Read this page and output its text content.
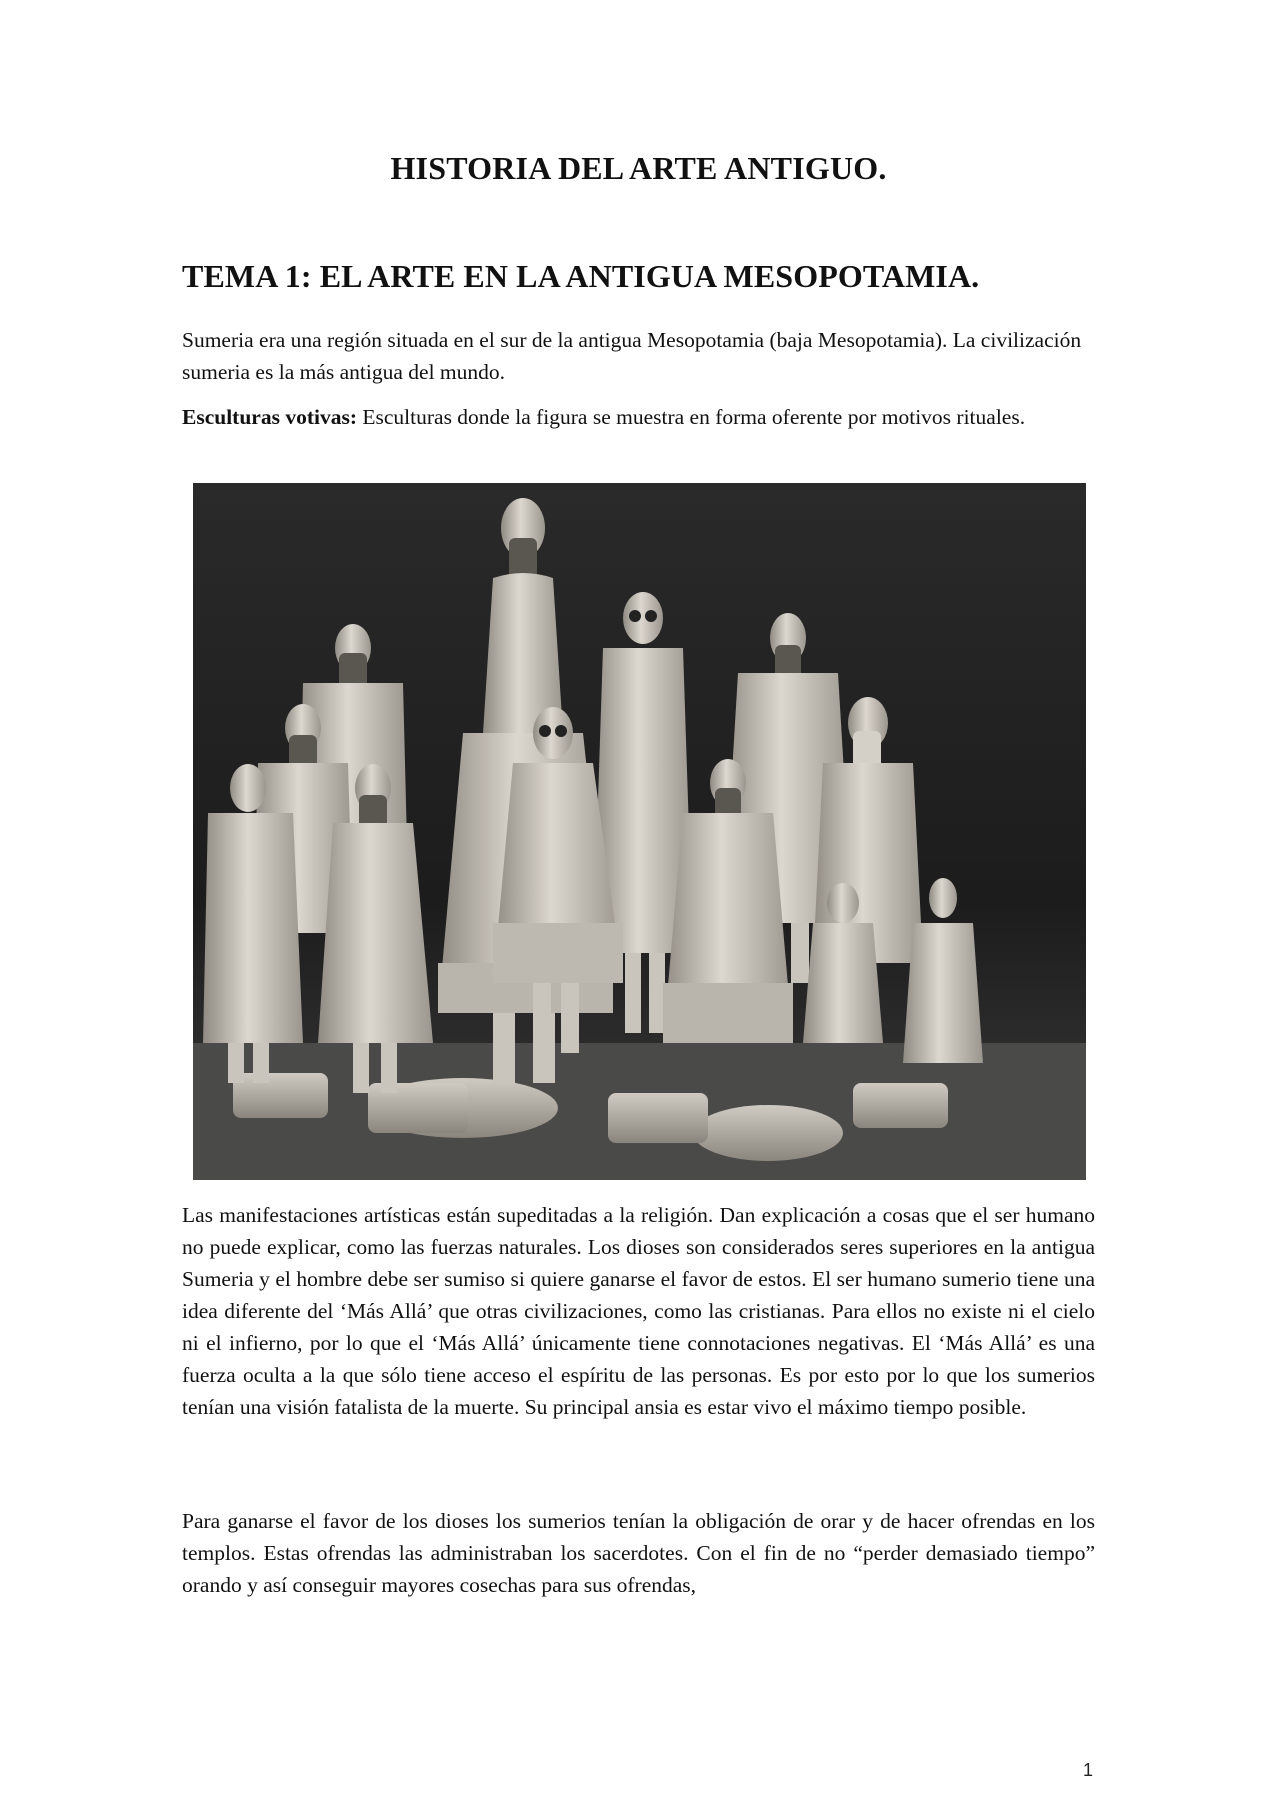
HISTORIA DEL ARTE ANTIGUO.
TEMA 1: EL ARTE EN LA ANTIGUA MESOPOTAMIA.

Sumeria era una región situada en el sur de la antigua Mesopotamia (baja Mesopotamia). La civilización sumeria es la más antigua del mundo.

Esculturas votivas: Esculturas donde la figura se muestra en forma oferente por motivos rituales.

Las manifestaciones artísticas están supeditadas a la religión. Dan explicación a cosas que el ser humano no puede explicar, como las fuerzas naturales. Los dioses son considerados seres superiores en la antigua Sumeria y el hombre debe ser sumiso si quiere ganarse el favor de estos. El ser humano sumerio tiene una idea diferente del ‘Más Allá’ que otras civilizaciones, como las cristianas. Para ellos no existe ni el cielo ni el infierno, por lo que el ‘Más Allá’ únicamente tiene connotaciones negativas. El ‘Más Allá’ es una fuerza oculta a la que sólo tiene acceso el espíritu de las personas. Es por esto por lo que los sumerios tenían una visión fatalista de la muerte. Su principal ansia es estar vivo el máximo tiempo posible.

Para ganarse el favor de los dioses los sumerios tenían la obligación de orar y de hacer ofrendas en los templos. Estas ofrendas las administraban los sacerdotes. Con el fin de no “perder demasiado tiempo” orando y así conseguir mayores cosechas para sus ofrendas,

1
